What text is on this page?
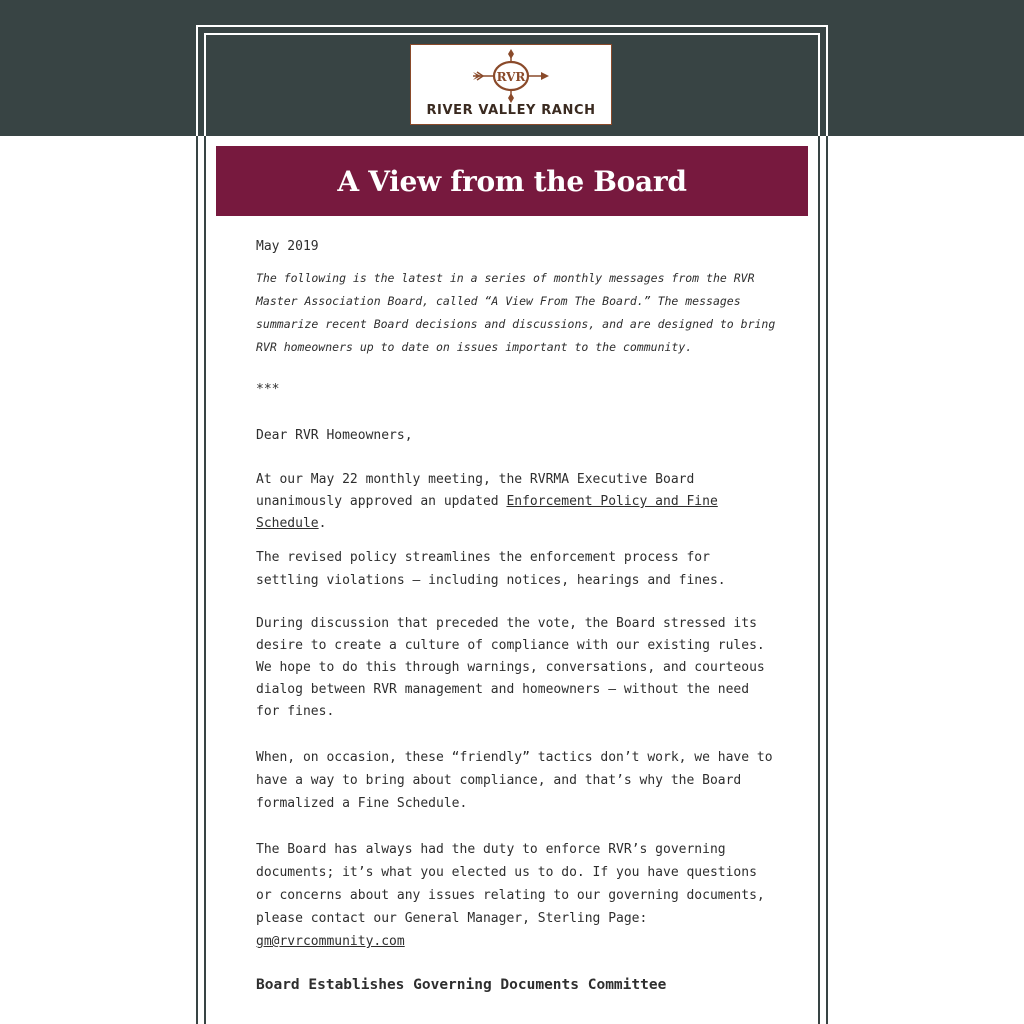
RVR
RIVER VALLEY RANCH
A View from the Board

May 2019

The following is the latest in a series of monthly messages from the RVR Master Association Board, called “A View From The Board.” The messages summarize recent Board decisions and discussions, and are designed to bring RVR homeowners up to date on issues important to the community.

***

Dear RVR Homeowners,

At our May 22 monthly meeting, the RVRMA Executive Board unanimously approved an updated Enforcement Policy and Fine Schedule.

The revised policy streamlines the enforcement process for settling violations – including notices, hearings and fines.

During discussion that preceded the vote, the Board stressed its desire to create a culture of compliance with our existing rules. We hope to do this through warnings, conversations, and courteous dialog between RVR management and homeowners – without the need for fines.

When, on occasion, these “friendly” tactics don’t work, we have to have a way to bring about compliance, and that’s why the Board formalized a Fine Schedule.

The Board has always had the duty to enforce RVR’s governing documents; it’s what you elected us to do. If you have questions or concerns about any issues relating to our governing documents, please contact our General Manager, Sterling Page: gm@rvrcommunity.com

Board Establishes Governing Documents Committee
